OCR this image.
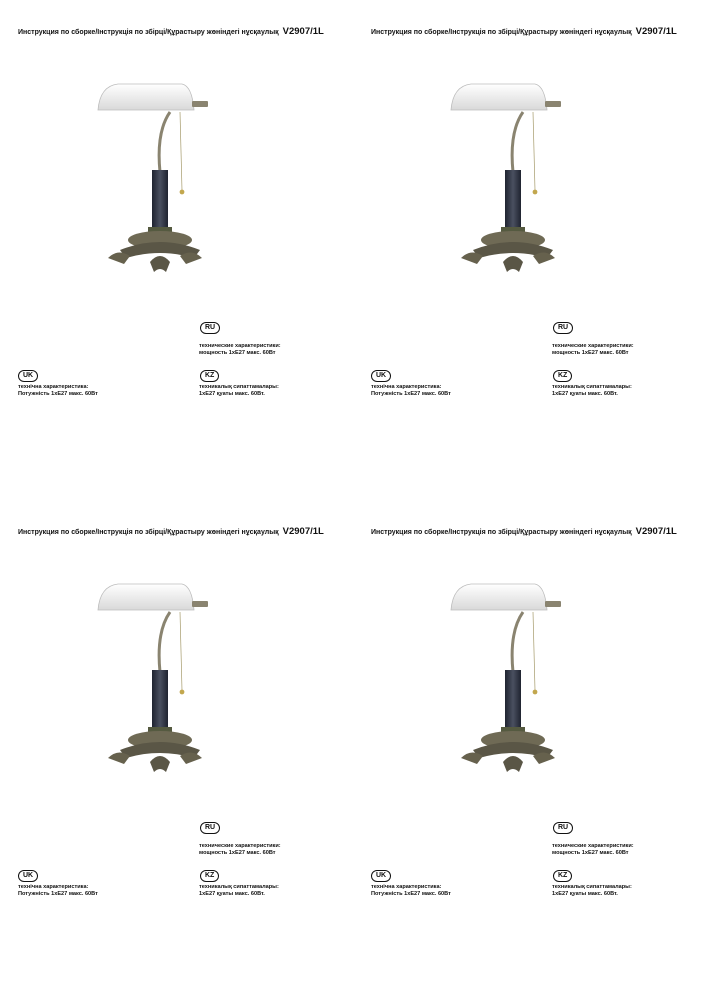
Инструкция по сборке/Інструкція по збірці/Құрастыру жөніндегі нұсқаулық V2907/1L
RU
технические характеристики:
мощность 1хЕ27 макс. 60Вт
UK
технічна характеристика:
Потужність 1хЕ27 макс. 60Вт
KZ
техникалық сипаттамалары:
1хЕ27 қуаты макс. 60Вт.
Инструкция по сборке/Інструкція по збірці/Құрастыру жөніндегі нұсқаулық V2907/1L
RU
технические характеристики:
мощность 1хЕ27 макс. 60Вт
UK
технічна характеристика:
Потужність 1хЕ27 макс. 60Вт
KZ
техникалық сипаттамалары:
1хЕ27 қуаты макс. 60Вт.
Инструкция по сборке/Інструкція по збірці/Құрастыру жөніндегі нұсқаулық V2907/1L
RU
технические характеристики:
мощность 1хЕ27 макс. 60Вт
UK
технічна характеристика:
Потужність 1хЕ27 макс. 60Вт
KZ
техникалық сипаттамалары:
1хЕ27 қуаты макс. 60Вт.
Инструкция по сборке/Інструкція по збірці/Құрастыру жөніндегі нұсқаулық V2907/1L
RU
технические характеристики:
мощность 1хЕ27 макс. 60Вт
UK
технічна характеристика:
Потужність 1хЕ27 макс. 60Вт
KZ
техникалық сипаттамалары:
1хЕ27 қуаты макс. 60Вт.
